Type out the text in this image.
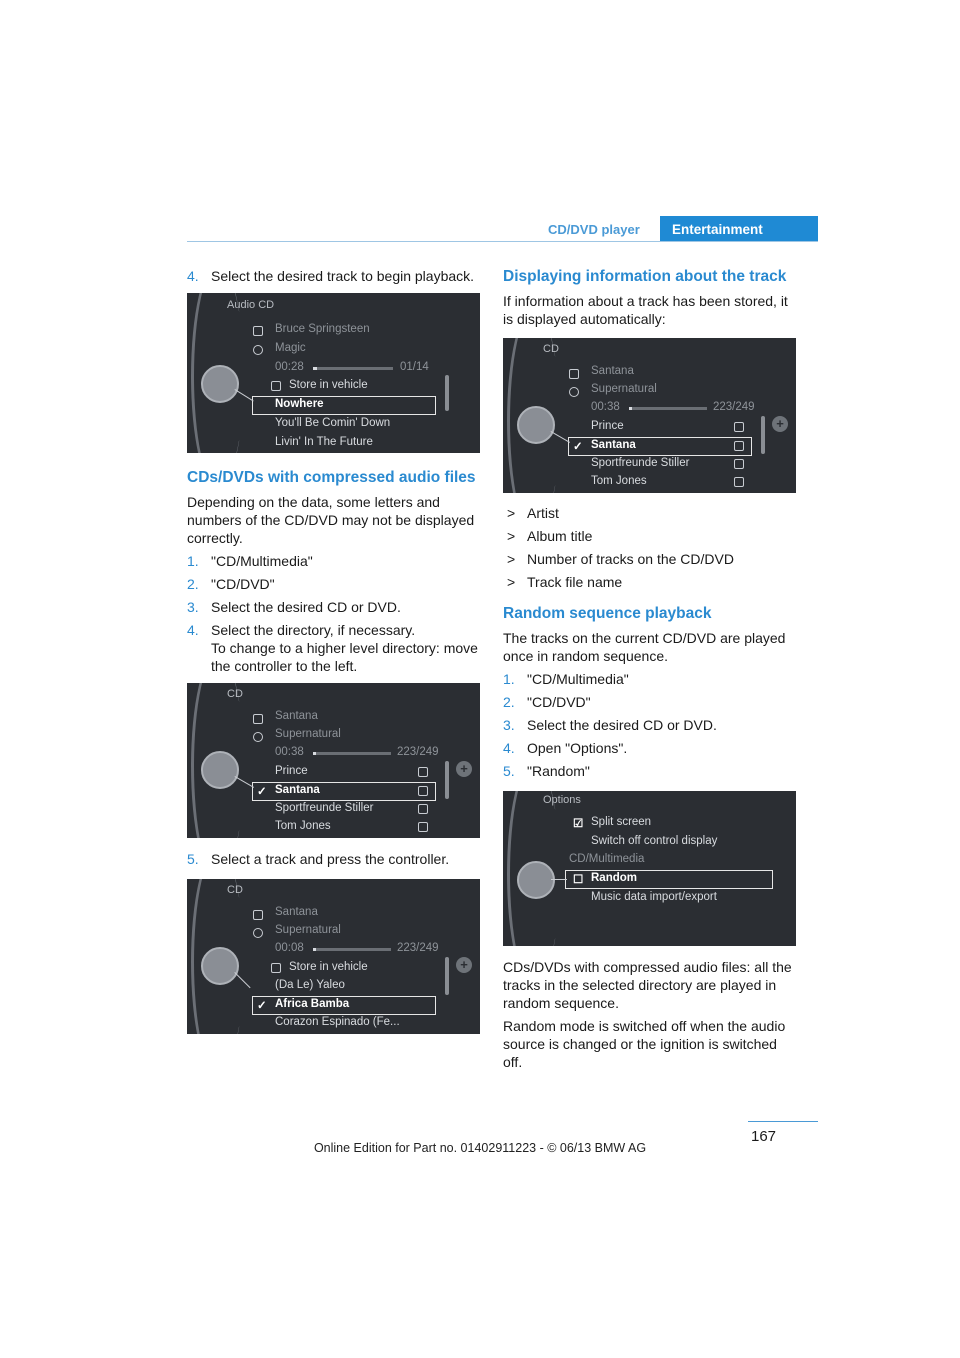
CD/DVD player	Entertainment
4. Select the desired track to begin playback.
Audio CD
Bruce Springsteen
Magic
00:28	01/14
Store in vehicle
Nowhere
You'll Be Comin' Down
Livin' In The Future
CDs/DVDs with compressed audio files

Depending on the data, some letters and numbers of the CD/DVD may not be displayed correctly.

1. "CD/Multimedia"
2. "CD/DVD"
3. Select the desired CD or DVD.
4. Select the directory, if necessary.
To change to a higher level directory: move the controller to the left.
CD
Santana
Supernatural
00:38	223/249
Prince
✓ Santana
Sportfreunde Stiller
Tom Jones
+
5. Select a track and press the controller.
CD
Santana
Supernatural
00:08	223/249
Store in vehicle
(Da Le) Yaleo
✓ Africa Bamba
Corazon Espinado (Fe...
+
Displaying information about the track

If information about a track has been stored, it is displayed automatically:

CD
Santana
Supernatural
00:38	223/249
Prince
✓ Santana
Sportfreunde Stiller
Tom Jones
+
> Artist
> Album title
> Number of tracks on the CD/DVD
> Track file name
Random sequence playback

The tracks on the current CD/DVD are played once in random sequence.

1. "CD/Multimedia"
2. "CD/DVD"
3. Select the desired CD or DVD.
4. Open "Options".
5. "Random"
Options
☑ Split screen
Switch off control display
CD/Multimedia
☐ Random
Music data import/export

CDs/DVDs with compressed audio files: all the tracks in the selected directory are played in random sequence.

Random mode is switched off when the audio source is changed or the ignition is switched off.

167
Online Edition for Part no. 01402911223 - © 06/13 BMW AG
